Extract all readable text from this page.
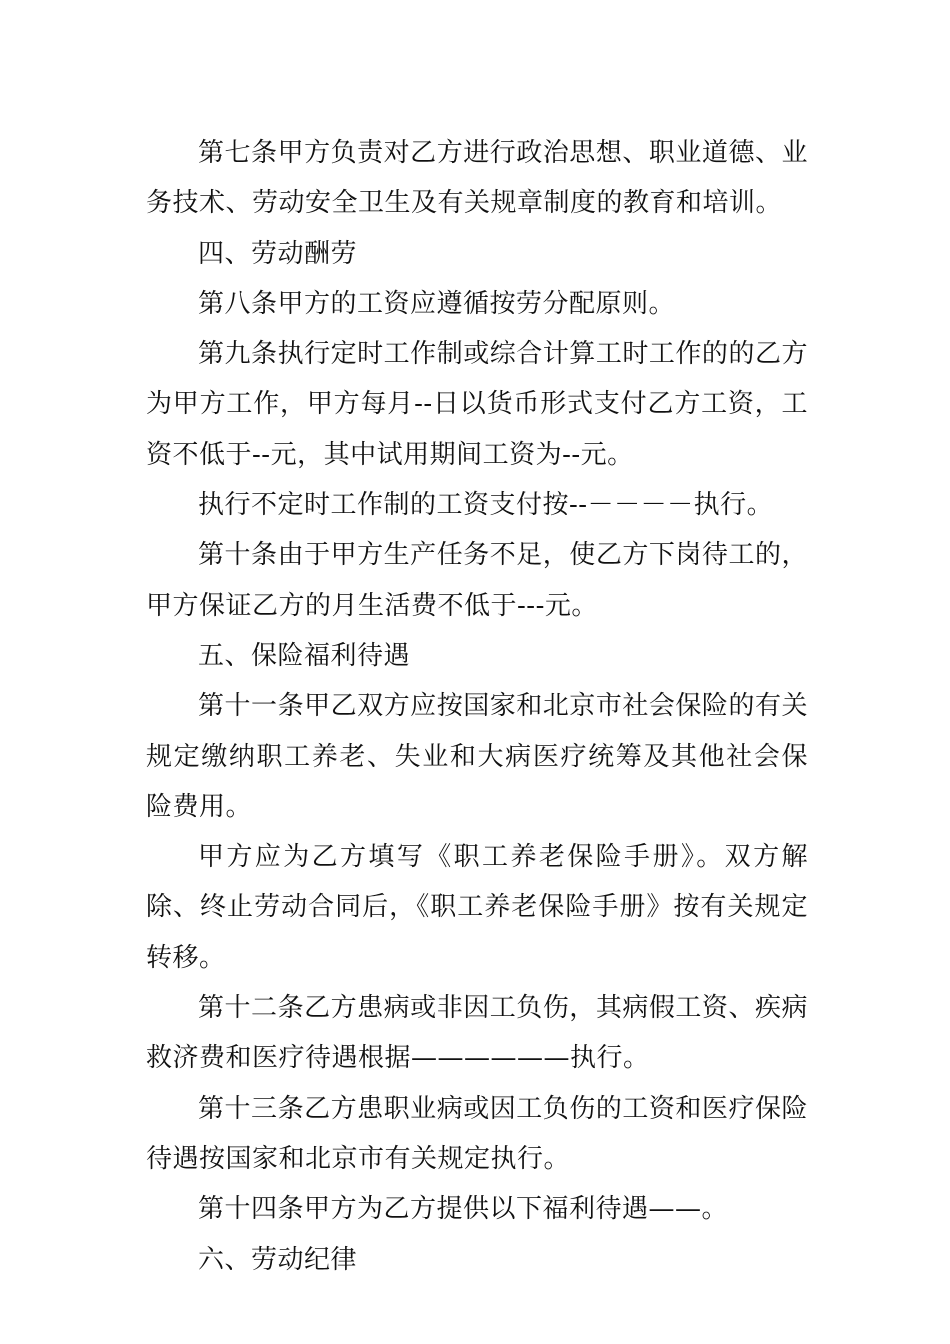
第七条甲方负责对乙方进行政治思想、职业道德、业务技术、劳动安全卫生及有关规章制度的教育和培训。

四、劳动酬劳

第八条甲方的工资应遵循按劳分配原则。

第九条执行定时工作制或综合计算工时工作的的乙方为甲方工作，甲方每月--日以货币形式支付乙方工资，工资不低于--元，其中试用期间工资为--元。

执行不定时工作制的工资支付按--－－－－执行。

第十条由于甲方生产任务不足，使乙方下岗待工的，甲方保证乙方的月生活费不低于---元。

五、保险福利待遇

第十一条甲乙双方应按国家和北京市社会保险的有关规定缴纳职工养老、失业和大病医疗统筹及其他社会保险费用。

甲方应为乙方填写《职工养老保险手册》。双方解除、终止劳动合同后，《职工养老保险手册》按有关规定转移。

第十二条乙方患病或非因工负伤，其病假工资、疾病救济费和医疗待遇根据——————执行。

第十三条乙方患职业病或因工负伤的工资和医疗保险待遇按国家和北京市有关规定执行。

第十四条甲方为乙方提供以下福利待遇——。

六、劳动纪律
